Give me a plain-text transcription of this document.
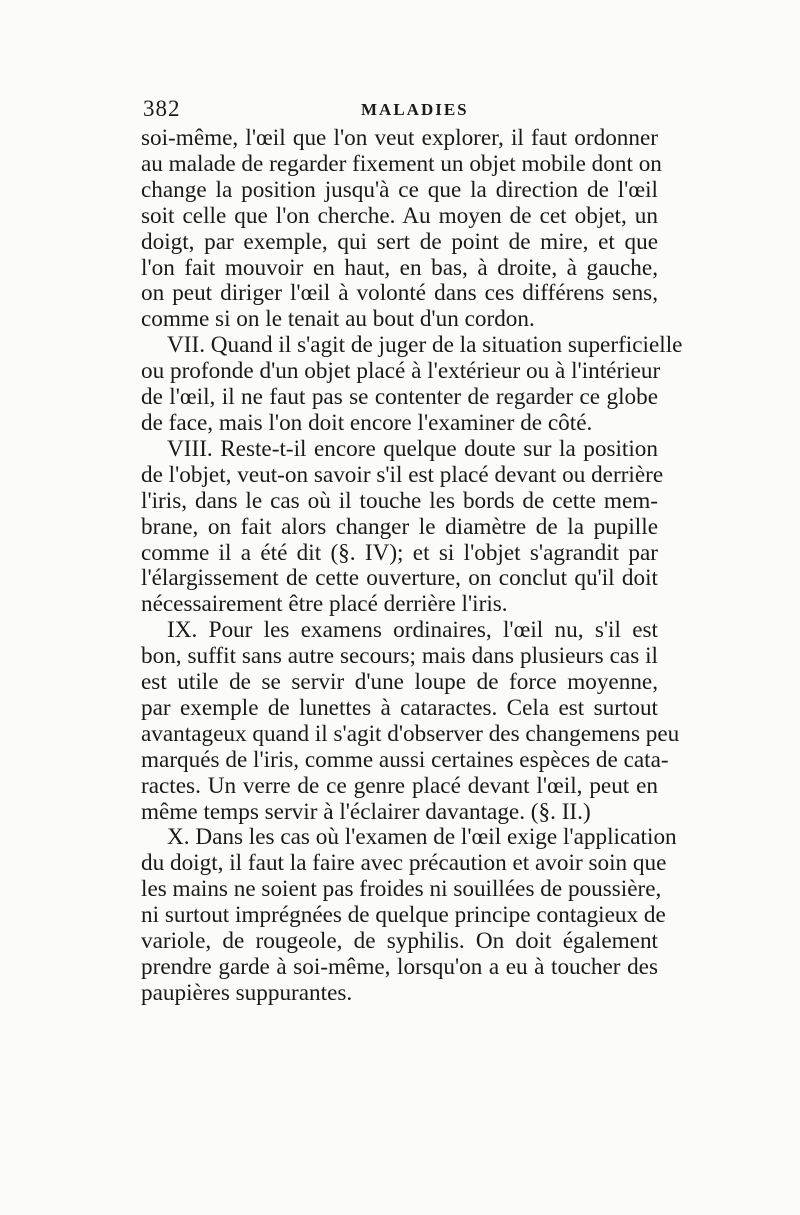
382	MALADIES
soi-même, l'œil que l'on veut explorer, il faut ordonner
au malade de regarder fixement un objet mobile dont on
change la position jusqu'à ce que la direction de l'œil
soit celle que l'on cherche. Au moyen de cet objet, un
doigt, par exemple, qui sert de point de mire, et que
l'on fait mouvoir en haut, en bas, à droite, à gauche,
on peut diriger l'œil à volonté dans ces différens sens,
comme si on le tenait au bout d'un cordon.
VII. Quand il s'agit de juger de la situation superficielle
ou profonde d'un objet placé à l'extérieur ou à l'intérieur
de l'œil, il ne faut pas se contenter de regarder ce globe
de face, mais l'on doit encore l'examiner de côté.
VIII. Reste-t-il encore quelque doute sur la position
de l'objet, veut-on savoir s'il est placé devant ou derrière
l'iris, dans le cas où il touche les bords de cette mem-
brane, on fait alors changer le diamètre de la pupille
comme il a été dit (§. IV); et si l'objet s'agrandit par
l'élargissement de cette ouverture, on conclut qu'il doit
nécessairement être placé derrière l'iris.
IX. Pour les examens ordinaires, l'œil nu, s'il est
bon, suffit sans autre secours; mais dans plusieurs cas il
est utile de se servir d'une loupe de force moyenne,
par exemple de lunettes à cataractes. Cela est surtout
avantageux quand il s'agit d'observer des changemens peu
marqués de l'iris, comme aussi certaines espèces de cata-
ractes. Un verre de ce genre placé devant l'œil, peut en
même temps servir à l'éclairer davantage. (§. II.)
X. Dans les cas où l'examen de l'œil exige l'application
du doigt, il faut la faire avec précaution et avoir soin que
les mains ne soient pas froides ni souillées de poussière,
ni surtout imprégnées de quelque principe contagieux de
variole, de rougeole, de syphilis. On doit également
prendre garde à soi-même, lorsqu'on a eu à toucher des
paupières suppurantes.
